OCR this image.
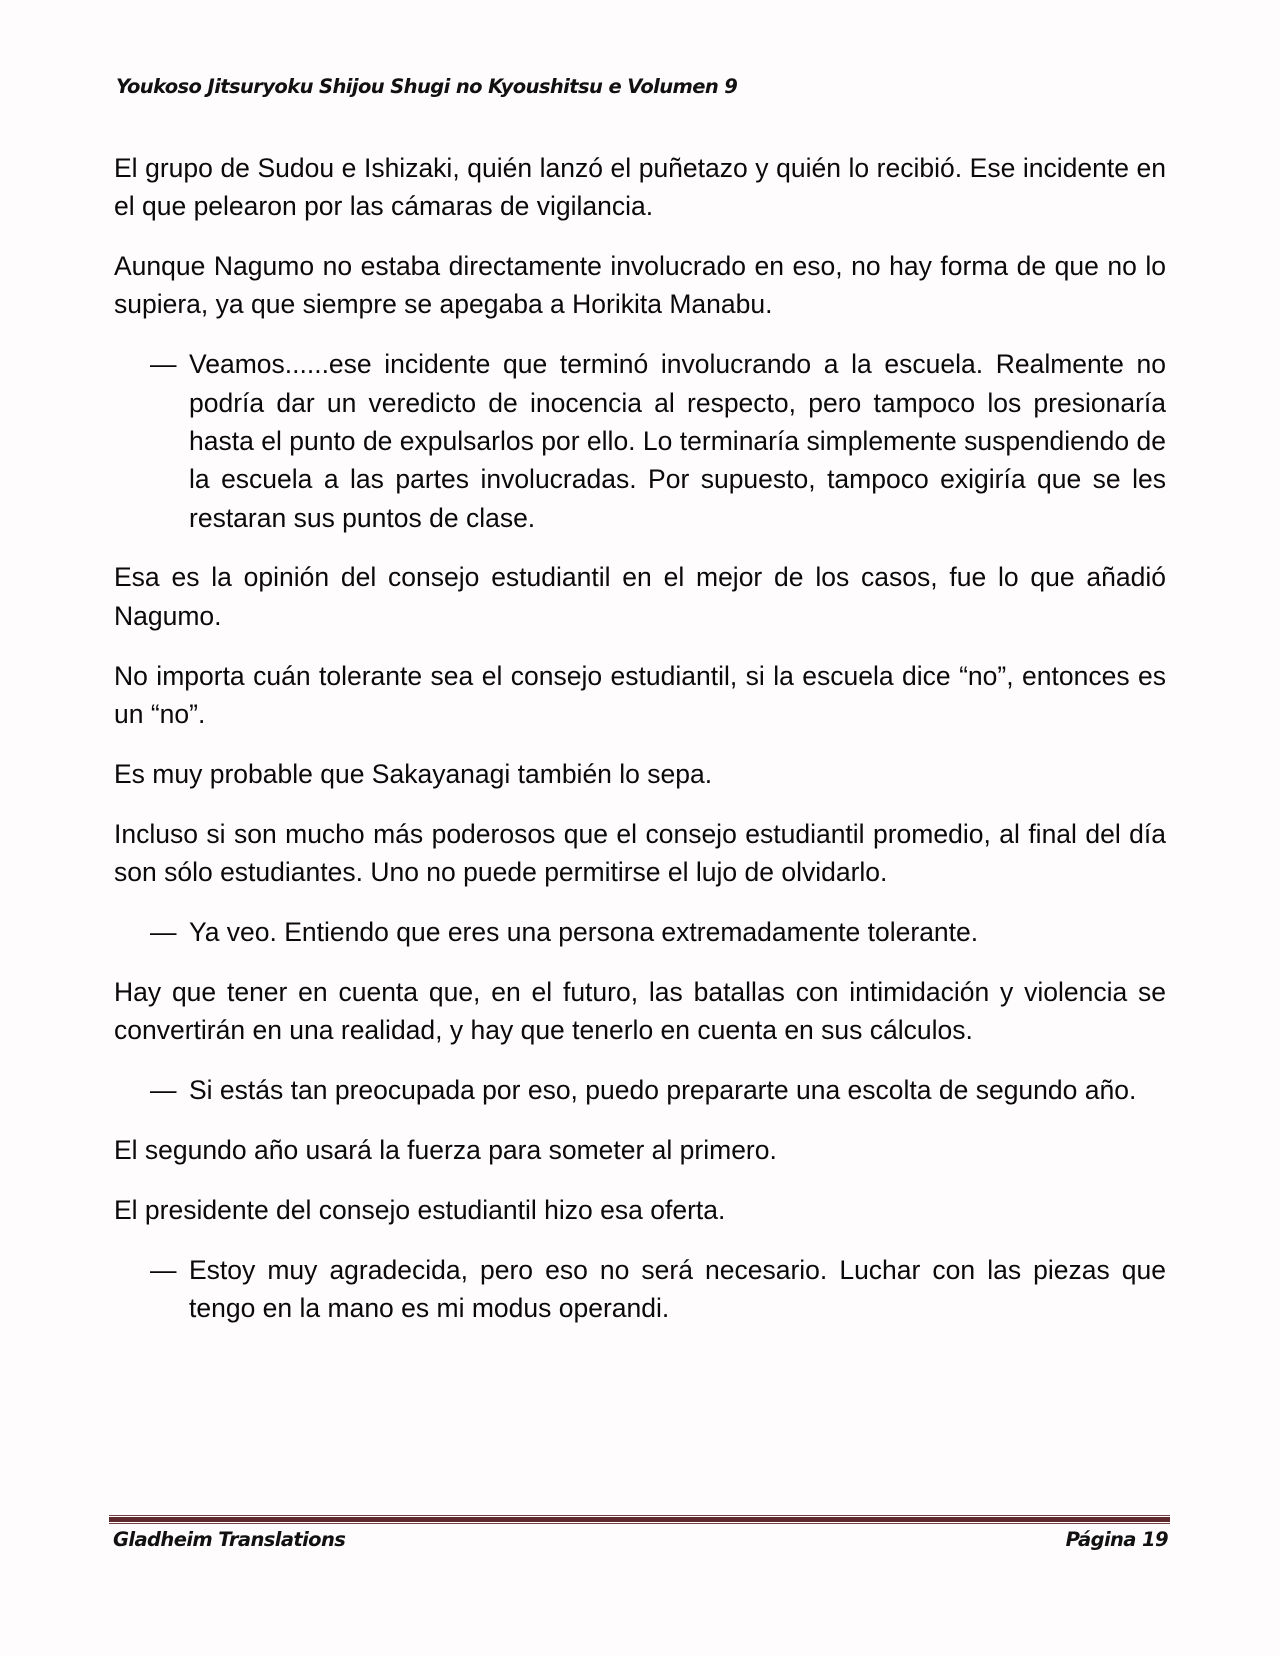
Youkoso Jitsuryoku Shijou Shugi no Kyoushitsu e Volumen 9

El grupo de Sudou e Ishizaki, quién lanzó el puñetazo y quién lo recibió. Ese incidente en el que pelearon por las cámaras de vigilancia.

Aunque Nagumo no estaba directamente involucrado en eso, no hay forma de que no lo supiera, ya que siempre se apegaba a Horikita Manabu.

— Veamos......ese incidente que terminó involucrando a la escuela. Realmente no podría dar un veredicto de inocencia al respecto, pero tampoco los presionaría hasta el punto de expulsarlos por ello. Lo terminaría simplemente suspendiendo de la escuela a las partes involucradas. Por supuesto, tampoco exigiría que se les restaran sus puntos de clase.

Esa es la opinión del consejo estudiantil en el mejor de los casos, fue lo que añadió Nagumo.

No importa cuán tolerante sea el consejo estudiantil, si la escuela dice “no”, entonces es un “no”.

Es muy probable que Sakayanagi también lo sepa.

Incluso si son mucho más poderosos que el consejo estudiantil promedio, al final del día son sólo estudiantes. Uno no puede permitirse el lujo de olvidarlo.

— Ya veo. Entiendo que eres una persona extremadamente tolerante.

Hay que tener en cuenta que, en el futuro, las batallas con intimidación y violencia se convertirán en una realidad, y hay que tenerlo en cuenta en sus cálculos.

— Si estás tan preocupada por eso, puedo prepararte una escolta de segundo año.

El segundo año usará la fuerza para someter al primero.

El presidente del consejo estudiantil hizo esa oferta.

— Estoy muy agradecida, pero eso no será necesario. Luchar con las piezas que tengo en la mano es mi modus operandi.

Gladheim Translations	Página 19
